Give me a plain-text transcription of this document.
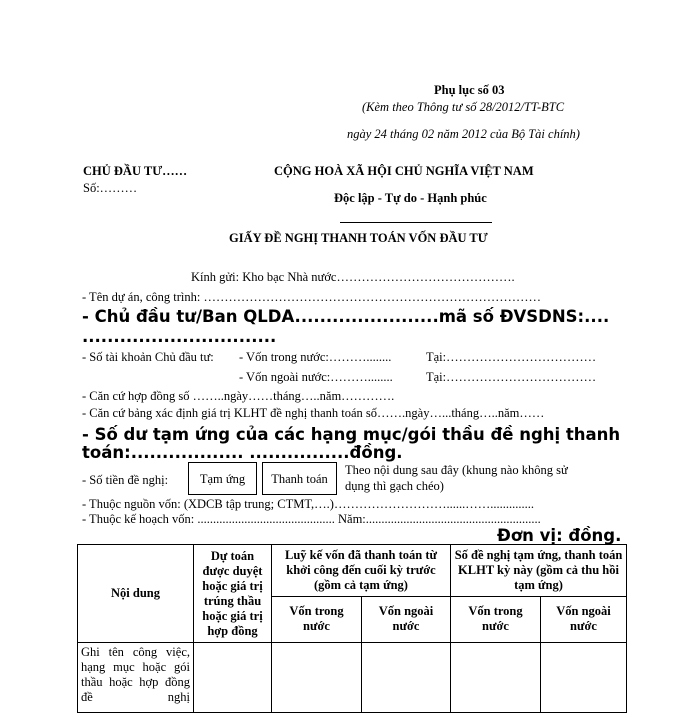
Phụ lục số 03
(Kèm theo Thông tư số 28/2012/TT-BTC
ngày 24 tháng 02 năm 2012 của Bộ Tài chính)
CHỦ ĐẦU TƯ……
Số:………
CỘNG HOÀ XÃ HỘI CHỦ NGHĨA VIỆT NAM
Độc lập - Tự do - Hạnh phúc
GIẤY ĐỀ NGHỊ THANH TOÁN VỐN ĐẦU TƯ
Kính gửi: Kho bạc Nhà nước…………………………………….
- Tên dự án, công trình: ………………………………………………………………………
- Chủ đầu tư/Ban QLDA.......................mã số ĐVSDNS:....
...............................
- Số tài khoản Chủ đầu tư: - Vốn trong nước:………........	Tại:………………………………
- Vốn ngoài nước:………........	Tại:………………………………
- Căn cứ hợp đồng số ……..ngày……tháng…..năm………….
- Căn cứ bảng xác định giá trị KLHT đề nghị thanh toán số…….ngày…...tháng…..năm……
- Số dư tạm ứng của các hạng mục/gói thầu đề nghị thanh
toán:.................. ................đồng.
- Số tiền đề nghị:	Tạm ứng	Thanh toán
Theo nội dung sau đây (khung nào không sử
dụng thì gạch chéo)
- Thuộc nguồn vốn: (XDCB tập trung; CTMT,….)………………………......……..............
- Thuộc kế hoạch vốn: ............................................ Năm:........................................................
Đơn vị: đồng.
Nội dung	Dự toán được duyệt hoặc giá trị trúng thầu hoặc giá trị hợp đồng	Luỹ kế vốn đã thanh toán từ khởi công đến cuối kỳ trước (gồm cả tạm ứng)		Số đề nghị tạm ứng, thanh toán KLHT kỳ này (gồm cả thu hồi tạm ứng)	
		Vốn trong nước	Vốn ngoài nước	Vốn trong nước	Vốn ngoài nước
Ghi tên công việc, hạng mục hoặc gói thầu hoặc hợp đồng đề nghị					
